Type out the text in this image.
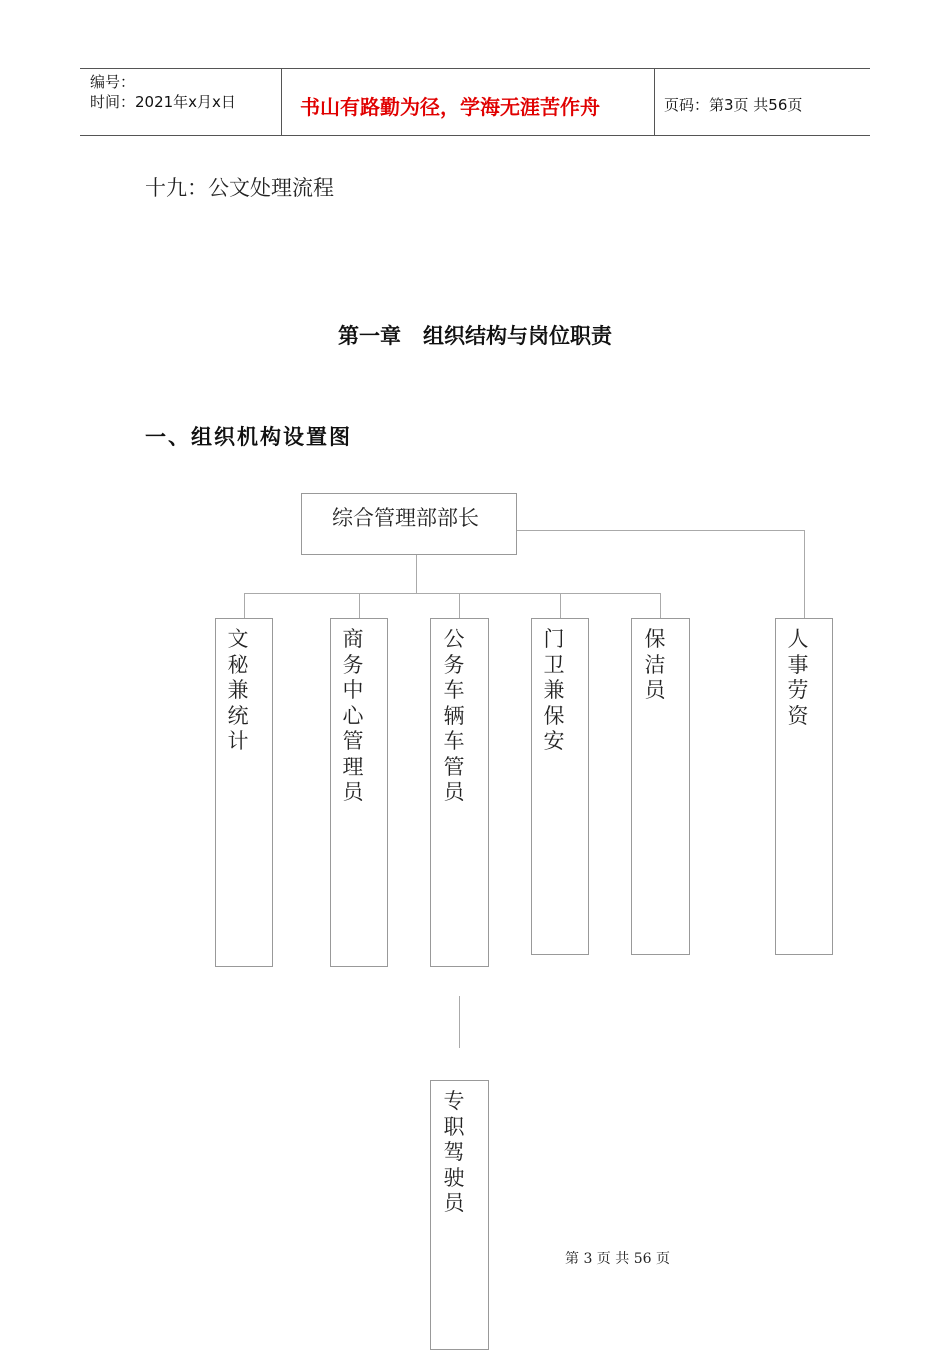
编号：
时间：2021年x月x日	书山有路勤为径，学海无涯苦作舟	页码：第3页 共56页
十九：公文处理流程
第一章   组织结构与岗位职责
一、组织机构设置图
综合管理部部长
文秘兼统计
商务中心管理员
公务车辆车管员
门卫兼保安
保洁员
人事劳资
专职驾驶员
第 3 页 共 56 页
